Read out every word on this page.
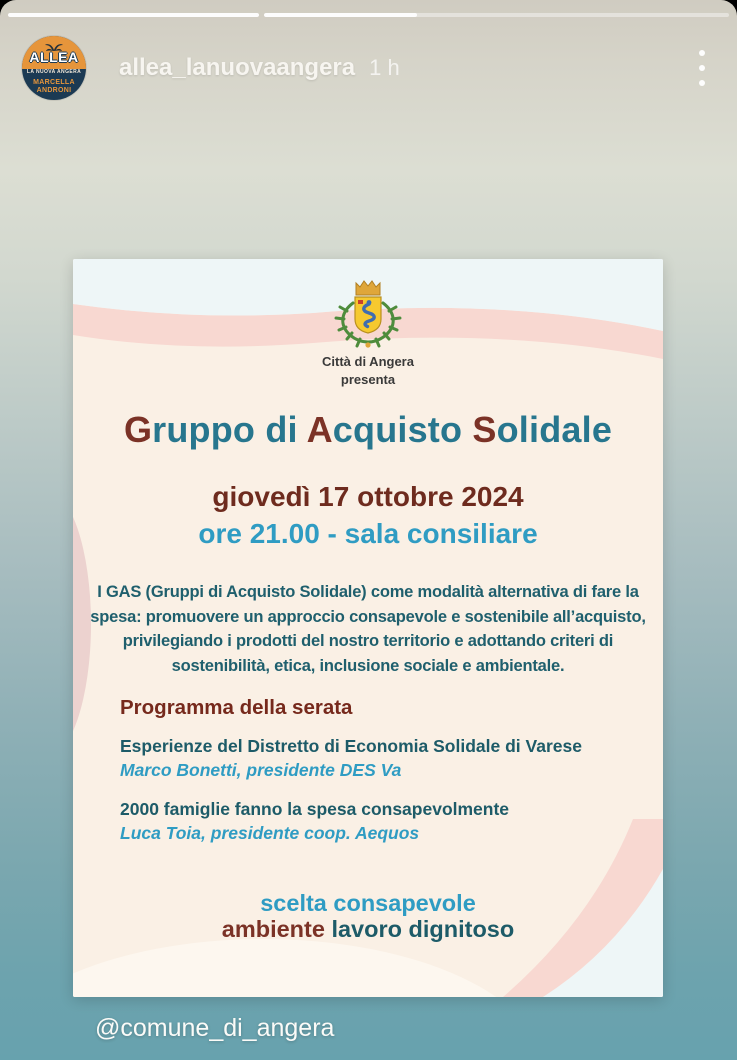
ALLEA
LA NUOVA ANGERA
MARCELLA
ANDRONI
allea_lanuovaangera 1 h
Città di Angera
presenta
Gruppo di Acquisto Solidale
giovedì 17 ottobre 2024
ore 21.00 - sala consiliare
I GAS (Gruppi di Acquisto Solidale) come modalità alternativa di fare la spesa: promuovere un approccio consapevole e sostenibile all’acquisto, privilegiando i prodotti del nostro territorio e adottando criteri di sostenibilità, etica, inclusione sociale e ambientale.
Programma della serata
Esperienze del Distretto di Economia Solidale di Varese
Marco Bonetti, presidente DES Va
2000 famiglie fanno la spesa consapevolmente
Luca Toia, presidente coop. Aequos
scelta consapevole
ambiente lavoro dignitoso
@comune_di_angera
